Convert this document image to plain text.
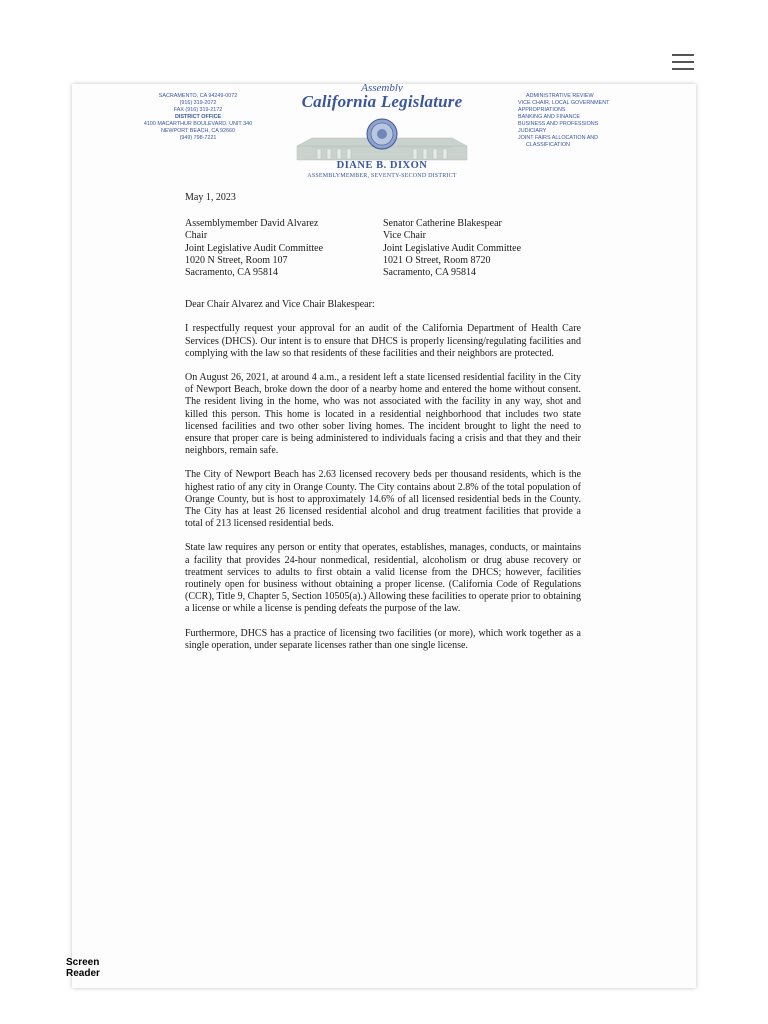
SACRAMENTO, CA 94249-0072
(916) 319-2072
FAX (916) 319-2172
DISTRICT OFFICE
4100 MACARTHUR BOULEVARD, UNIT 340
NEWPORT BEACH, CA 92660
(949) 798-7221
Assembly
California Legislature
DIANE B. DIXON
ASSEMBLYMEMBER, SEVENTY-SECOND DISTRICT
ADMINISTRATIVE REVIEW
VICE CHAIR, LOCAL GOVERNMENT
APPROPRIATIONS
BANKING AND FINANCE
BUSINESS AND PROFESSIONS
JUDICIARY
JOINT FAIRS ALLOCATION AND
CLASSIFICATION
May 1, 2023
Assemblymember David Alvarez
Chair
Joint Legislative Audit Committee
1020 N Street, Room 107
Sacramento, CA 95814
Senator Catherine Blakespear
Vice Chair
Joint Legislative Audit Committee
1021 O Street, Room 8720
Sacramento, CA 95814
Dear Chair Alvarez and Vice Chair Blakespear:

I respectfully request your approval for an audit of the California Department of Health Care Services (DHCS). Our intent is to ensure that DHCS is properly licensing/regulating facilities and complying with the law so that residents of these facilities and their neighbors are protected.

On August 26, 2021, at around 4 a.m., a resident left a state licensed residential facility in the City of Newport Beach, broke down the door of a nearby home and entered the home without consent. The resident living in the home, who was not associated with the facility in any way, shot and killed this person. This home is located in a residential neighborhood that includes two state licensed facilities and two other sober living homes. The incident brought to light the need to ensure that proper care is being administered to individuals facing a crisis and that they and their neighbors, remain safe.

The City of Newport Beach has 2.63 licensed recovery beds per thousand residents, which is the highest ratio of any city in Orange County. The City contains about 2.8% of the total population of Orange County, but is host to approximately 14.6% of all licensed residential beds in the County. The City has at least 26 licensed residential alcohol and drug treatment facilities that provide a total of 213 licensed residential beds.

State law requires any person or entity that operates, establishes, manages, conducts, or maintains a facility that provides 24-hour nonmedical, residential, alcoholism or drug abuse recovery or treatment services to adults to first obtain a valid license from the DHCS; however, facilities routinely open for business without obtaining a proper license. (California Code of Regulations (CCR), Title 9, Chapter 5, Section 10505(a).) Allowing these facilities to operate prior to obtaining a license or while a license is pending defeats the purpose of the law.

Furthermore, DHCS has a practice of licensing two facilities (or more), which work together as a single operation, under separate licenses rather than one single license.

Screen Reader
